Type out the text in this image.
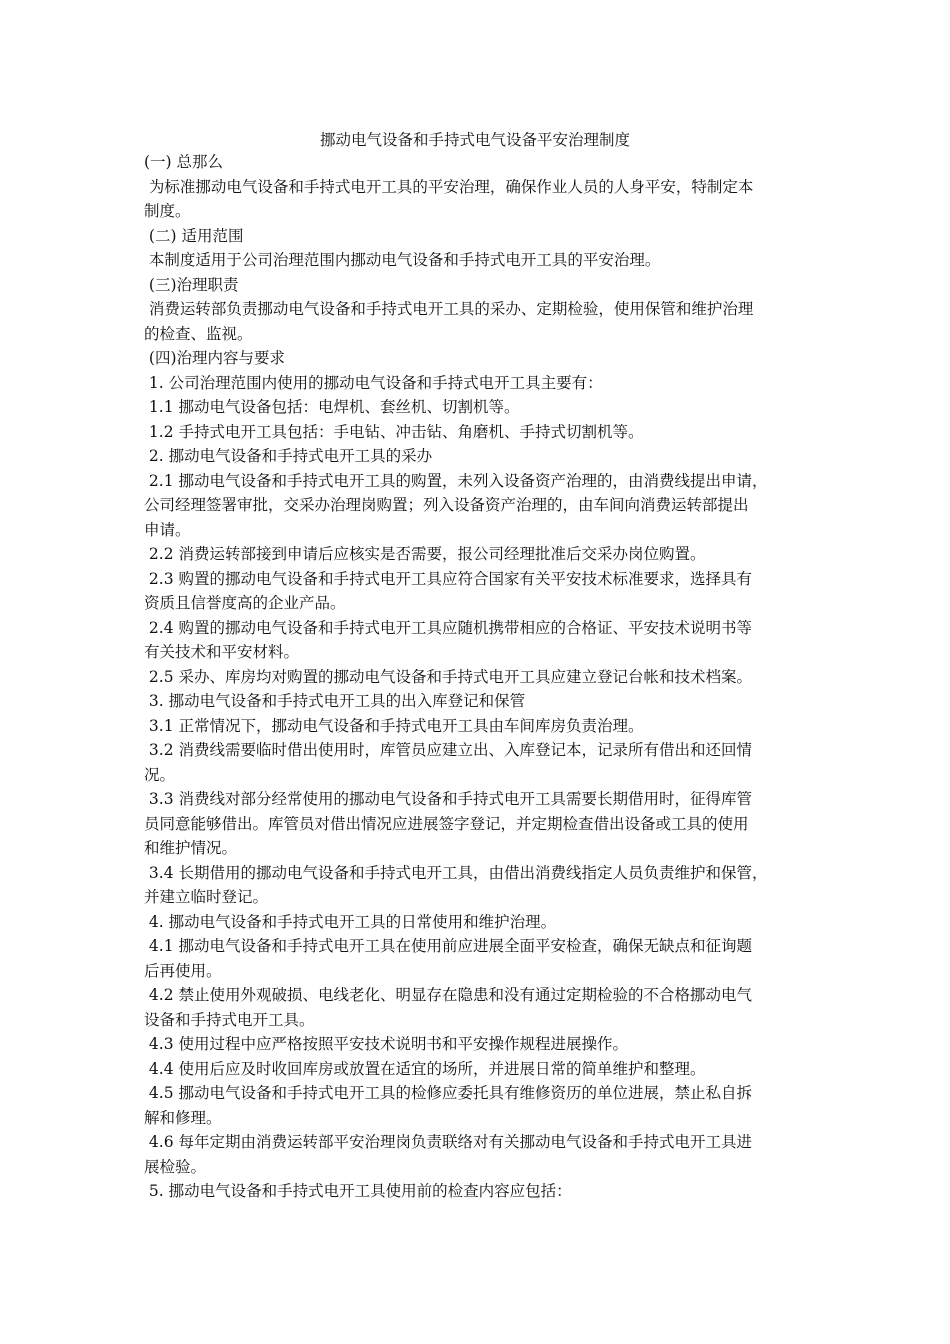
挪动电气设备和手持式电气设备平安治理制度
(一) 总那么
为标准挪动电气设备和手持式电开工具的平安治理，确保作业人员的人身平安，特制定本
制度。
(二) 适用范围
本制度适用于公司治理范围内挪动电气设备和手持式电开工具的平安治理。
(三)治理职责
消费运转部负责挪动电气设备和手持式电开工具的采办、定期检验，使用保管和维护治理
的检查、监视。
(四)治理内容与要求
1. 公司治理范围内使用的挪动电气设备和手持式电开工具主要有：
1.1 挪动电气设备包括：电焊机、套丝机、切割机等。
1.2 手持式电开工具包括：手电钻、冲击钻、角磨机、手持式切割机等。
2. 挪动电气设备和手持式电开工具的采办
2.1 挪动电气设备和手持式电开工具的购置，未列入设备资产治理的，由消费线提出申请，
公司经理签署审批，交采办治理岗购置；列入设备资产治理的，由车间向消费运转部提出
申请。
2.2 消费运转部接到申请后应核实是否需要，报公司经理批准后交采办岗位购置。
2.3 购置的挪动电气设备和手持式电开工具应符合国家有关平安技术标准要求，选择具有
资质且信誉度高的企业产品。
2.4 购置的挪动电气设备和手持式电开工具应随机携带相应的合格证、平安技术说明书等
有关技术和平安材料。
2.5 采办、库房均对购置的挪动电气设备和手持式电开工具应建立登记台帐和技术档案。
3. 挪动电气设备和手持式电开工具的出入库登记和保管
3.1 正常情况下，挪动电气设备和手持式电开工具由车间库房负责治理。
3.2 消费线需要临时借出使用时，库管员应建立出、入库登记本，记录所有借出和还回情
况。
3.3 消费线对部分经常使用的挪动电气设备和手持式电开工具需要长期借用时，征得库管
员同意能够借出。库管员对借出情况应进展签字登记，并定期检查借出设备或工具的使用
和维护情况。
3.4 长期借用的挪动电气设备和手持式电开工具，由借出消费线指定人员负责维护和保管，
并建立临时登记。
4. 挪动电气设备和手持式电开工具的日常使用和维护治理。
4.1 挪动电气设备和手持式电开工具在使用前应进展全面平安检查，确保无缺点和征询题
后再使用。
4.2 禁止使用外观破损、电线老化、明显存在隐患和没有通过定期检验的不合格挪动电气
设备和手持式电开工具。
4.3 使用过程中应严格按照平安技术说明书和平安操作规程进展操作。
4.4 使用后应及时收回库房或放置在适宜的场所，并进展日常的简单维护和整理。
4.5 挪动电气设备和手持式电开工具的检修应委托具有维修资历的单位进展，禁止私自拆
解和修理。
4.6 每年定期由消费运转部平安治理岗负责联络对有关挪动电气设备和手持式电开工具进
展检验。
5. 挪动电气设备和手持式电开工具使用前的检查内容应包括：
